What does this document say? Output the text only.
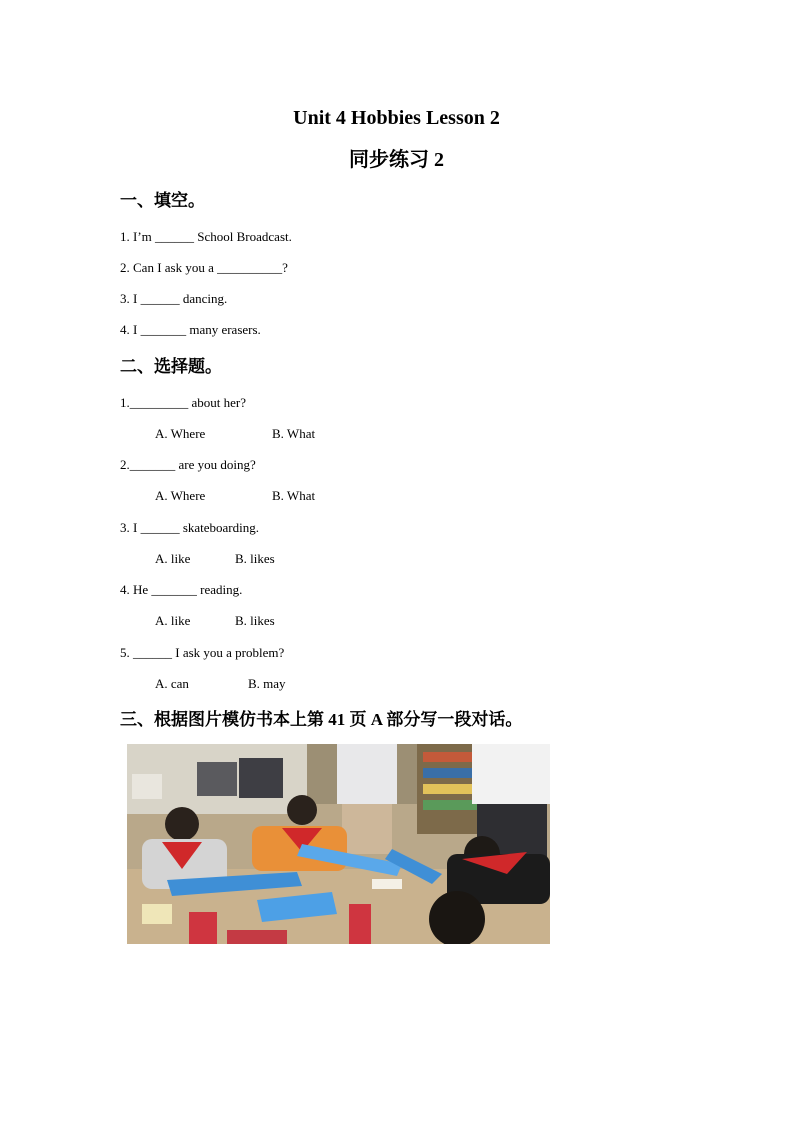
Unit 4 Hobbies Lesson 2
同步练习 2
一、填空。
1. I’m ______ School Broadcast.
2. Can I ask you a __________?
3. I ______ dancing.
4. I _______ many erasers.
二、选择题。
1._________ about her?
A. Where	B. What
2._______ are you doing?
A. Where	B. What
3. I ______ skateboarding.
A. like	B. likes
4. He _______ reading.
A. like	B. likes
5. ______ I ask you a problem?
A. can	B. may
三、根据图片模仿书本上第 41 页 A 部分写一段对话。
